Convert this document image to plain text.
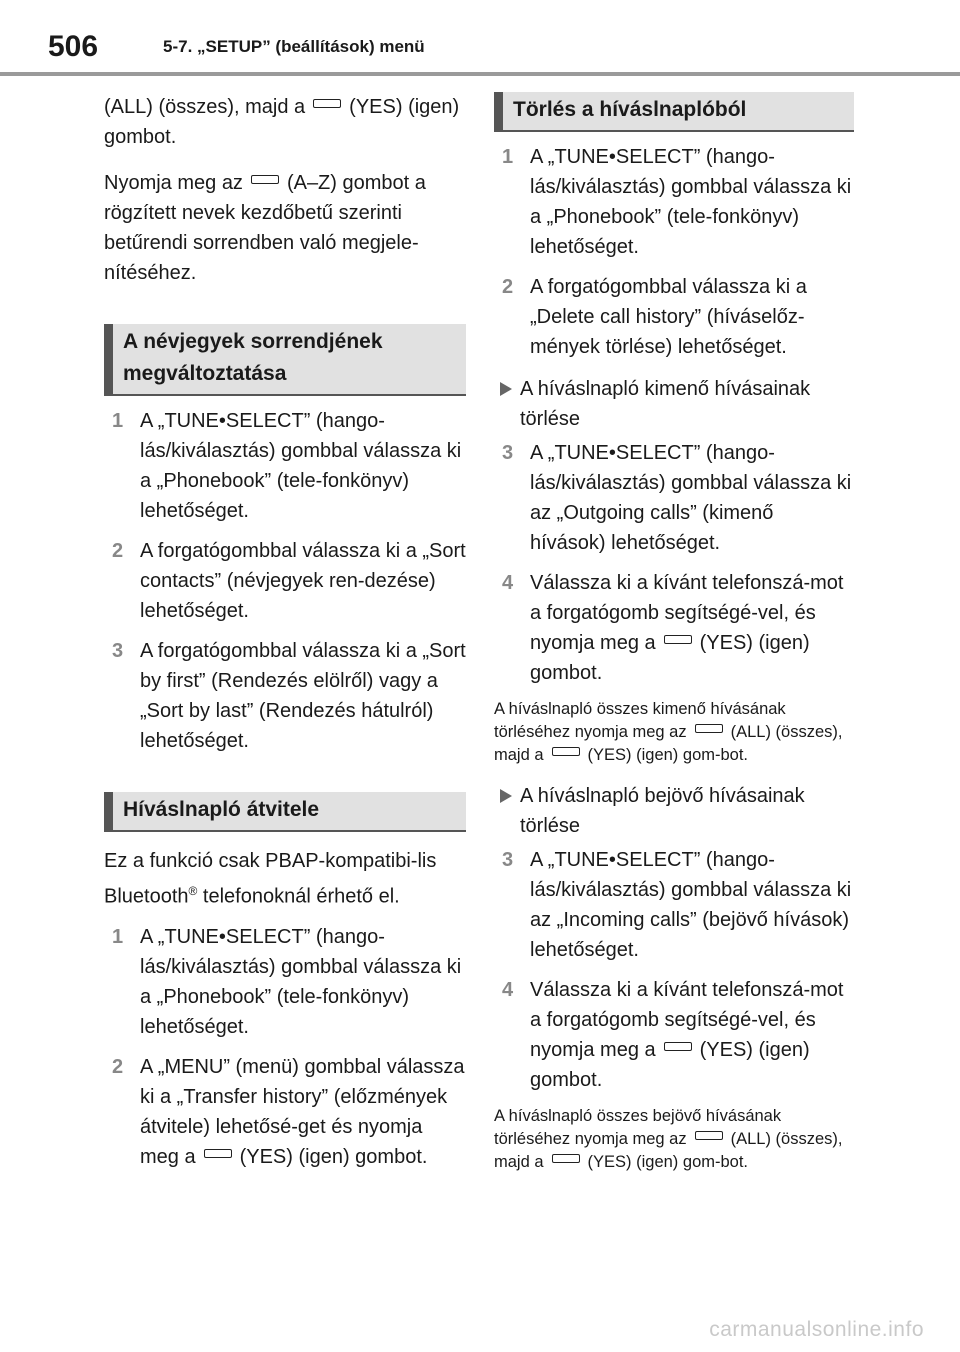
506	5-7. „SETUP” (beállítások) menü

(ALL) (összes), majd a (YES) (igen) gombot.

Nyomja meg az (A–Z) gombot a rögzített nevek kezdőbetű szerinti betűrendi sorrendben való megjele-nítéséhez.

A névjegyek sorrendjének megváltoztatása
1 A „TUNE•SELECT” (hango-lás/kiválasztás) gombbal válassza ki a „Phonebook” (tele-fonkönyv) lehetőséget.
2 A forgatógombbal válassza ki a „Sort contacts” (névjegyek ren-dezése) lehetőséget.
3 A forgatógombbal válassza ki a „Sort by first” (Rendezés elölről) vagy a „Sort by last” (Rendezés hátulról) lehetőséget.
Híváslnapló átvitele

Ez a funkció csak PBAP-kompatibi-lis Bluetooth® telefonoknál érhető el.

1 A „TUNE•SELECT” (hango-lás/kiválasztás) gombbal válassza ki a „Phonebook” (tele-fonkönyv) lehetőséget.
2 A „MENU” (menü) gombbal válassza ki a „Transfer history” (előzmények átvitele) lehetősé-get és nyomja meg a (YES) (igen) gombot.
Törlés a híváslnaplóból
1 A „TUNE•SELECT” (hango-lás/kiválasztás) gombbal válassza ki a „Phonebook” (tele-fonkönyv) lehetőséget.
2 A forgatógombbal válassza ki a „Delete call history” (híváselőz-mények törlése) lehetőséget.
A híváslnapló kimenő hívásainak törlése
3 A „TUNE•SELECT” (hango-lás/kiválasztás) gombbal válassza ki az „Outgoing calls” (kimenő hívások) lehetőséget.
4 Válassza ki a kívánt telefonszá-mot a forgatógomb segítségé-vel, és nyomja meg a (YES) (igen) gombot.

A híváslnapló összes kimenő hívásának törléséhez nyomja meg az	(ALL) (összes), majd a	(YES) (igen) gom-bot.

A híváslnapló bejövő hívásainak törlése
3 A „TUNE•SELECT” (hango-lás/kiválasztás) gombbal válassza ki az „Incoming calls” (bejövő hívások) lehetőséget.
4 Válassza ki a kívánt telefonszá-mot a forgatógomb segítségé-vel, és nyomja meg a (YES) (igen) gombot.

A híváslnapló összes bejövő hívásának törléséhez nyomja meg az	(ALL) (összes), majd a	(YES) (igen) gom-bot.

carmanualsonline.info
